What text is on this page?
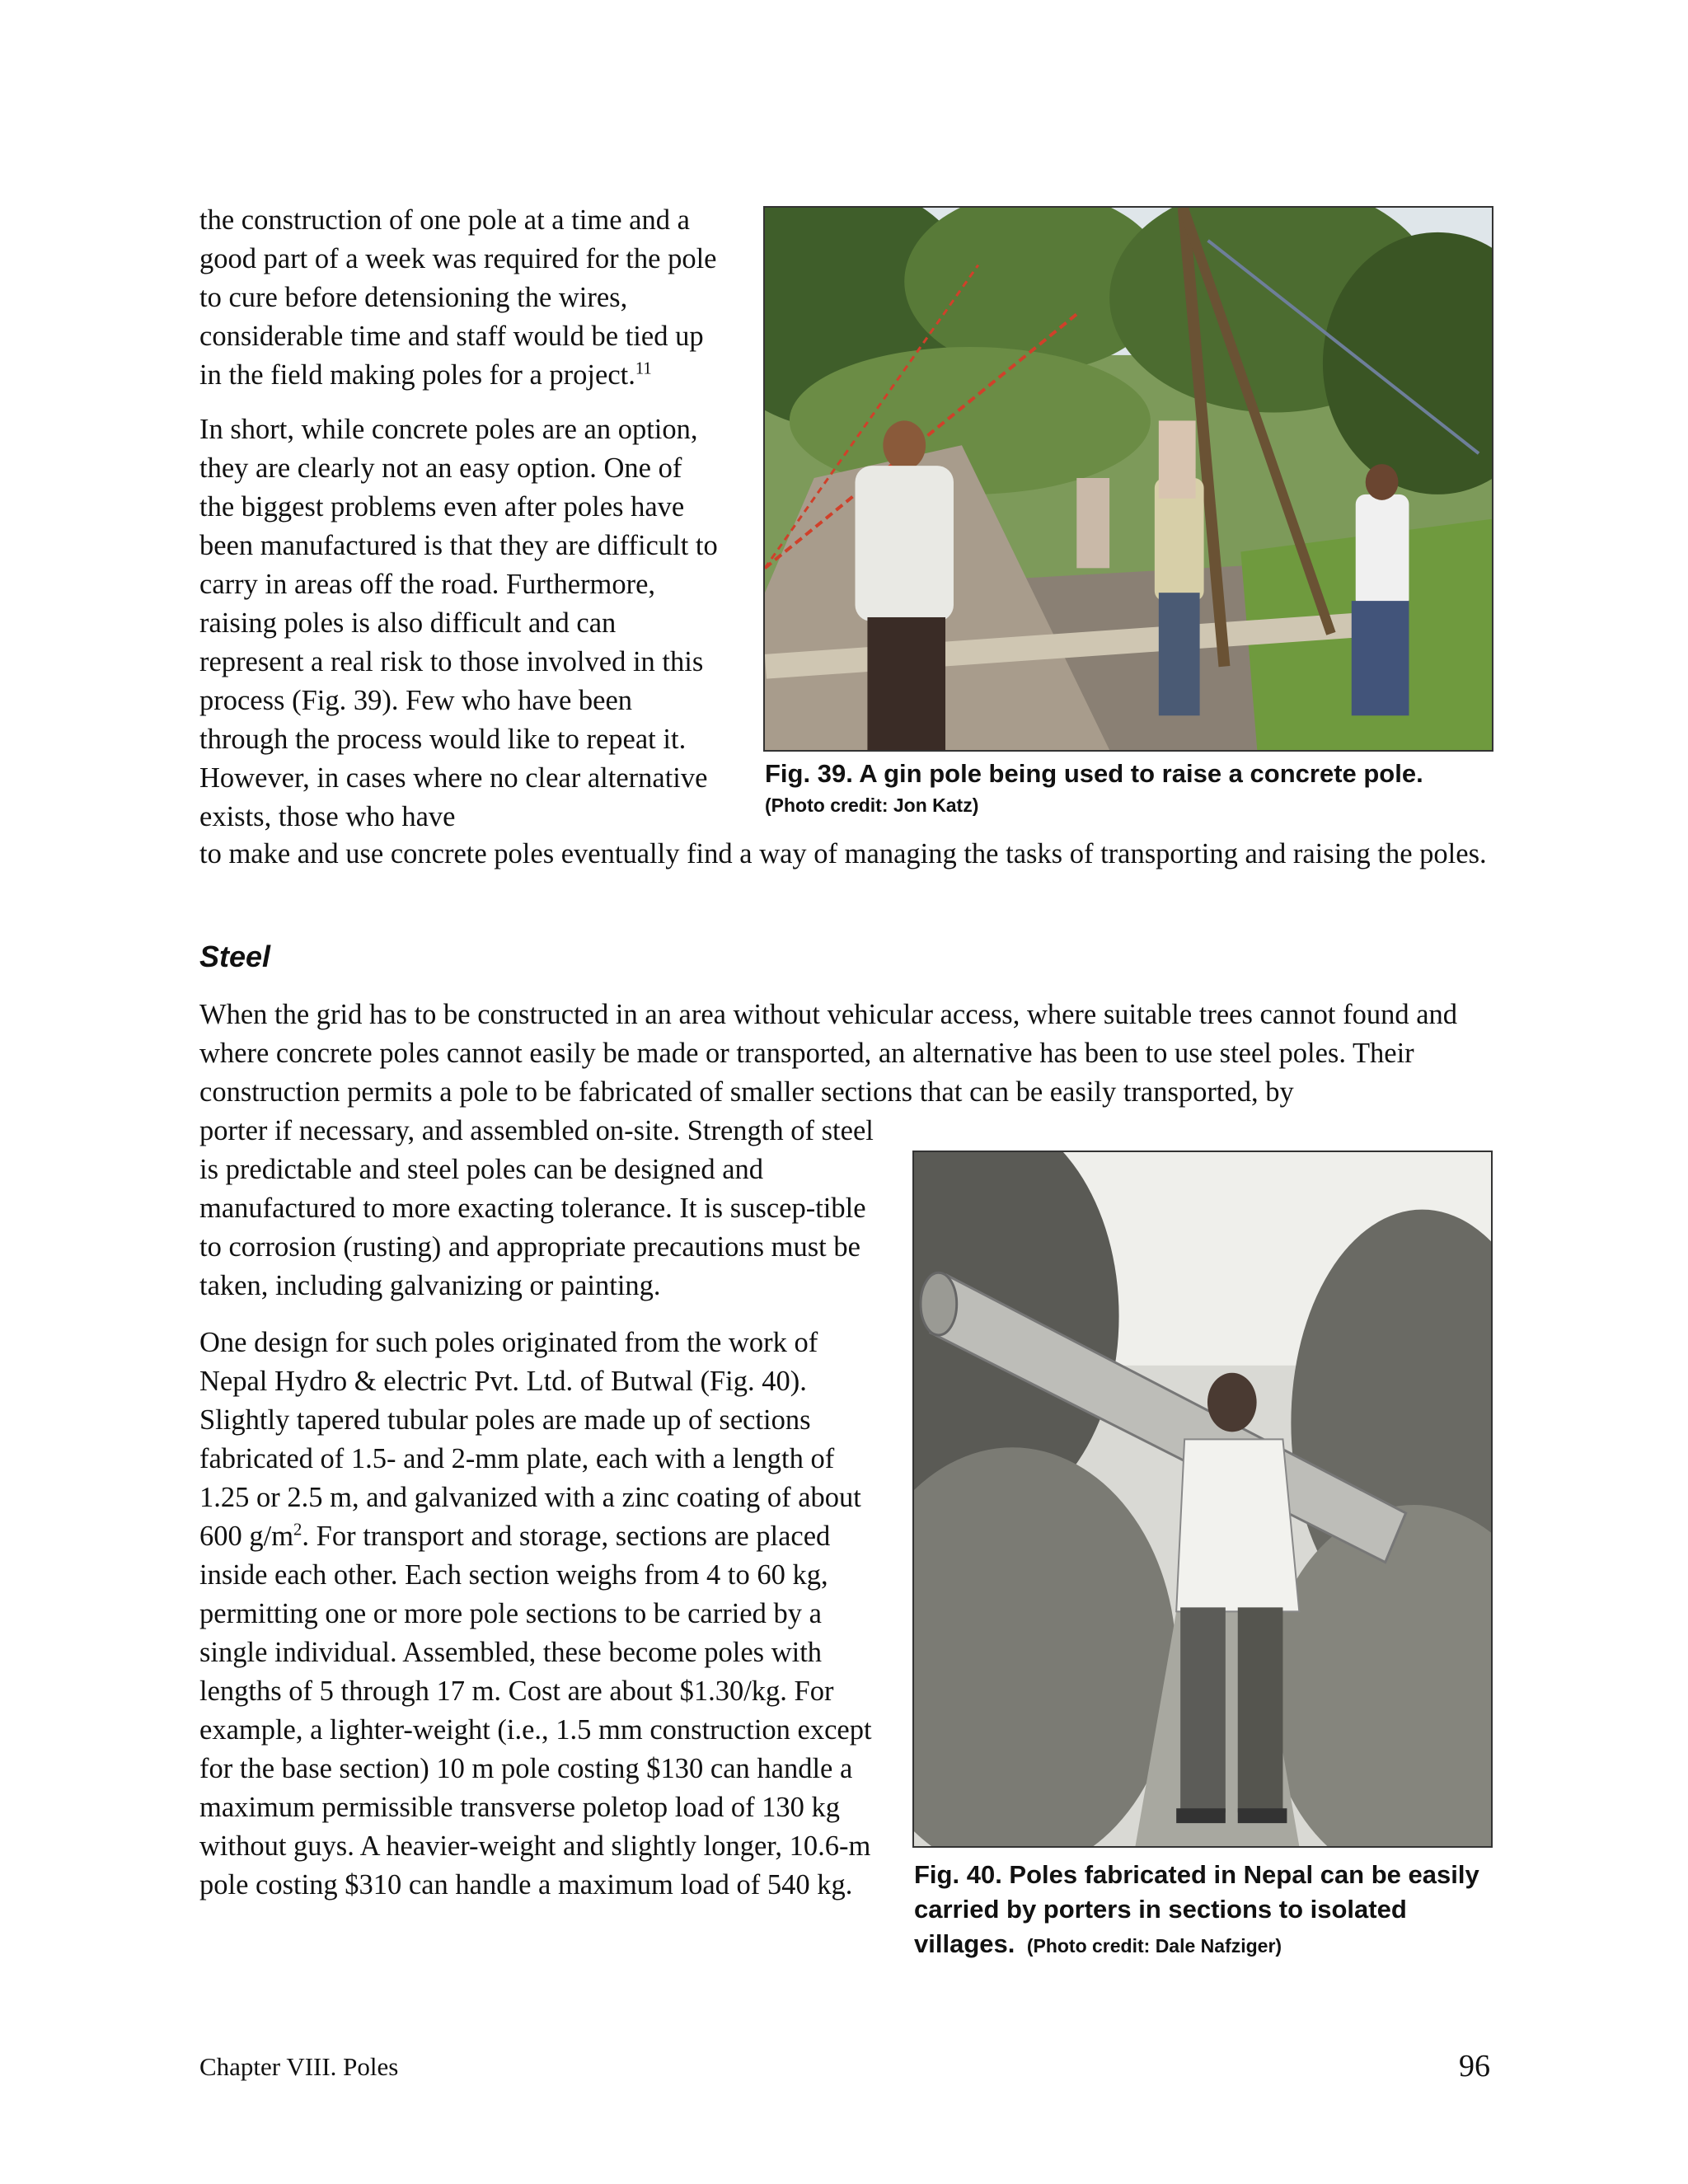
the construction of one pole at a time and a good part of a week was required for the pole to cure before detensioning the wires, considerable time and staff would be tied up in the field making poles for a project.$^{11}$

In short, while concrete poles are an option, they are clearly not an easy option. One of the biggest problems even after poles have been manufactured is that they are difficult to carry in areas off the road. Furthermore, raising poles is also difficult and can represent a real risk to those involved in this process (Fig. 39). Few who have been through the process would like to repeat it. However, in cases where no clear alternative exists, those who have

to make and use concrete poles eventually find a way of managing the tasks of transporting and raising the poles.

Fig. 39. A gin pole being used to raise a concrete pole.
(Photo credit: Jon Katz)
Steel

When the grid has to be constructed in an area without vehicular access, where suitable trees cannot found and where concrete poles cannot easily be made or transported, an alternative has been to use steel poles. Their construction permits a pole to be fabricated of smaller sections that can be easily transported, by

porter if necessary, and assembled on-site. Strength of steel is predictable and steel poles can be designed and manufactured to more exacting tolerance. It is suscep-tible to corrosion (rusting) and appropriate precautions must be taken, including galvanizing or painting.

One design for such poles originated from the work of Nepal Hydro & electric Pvt. Ltd. of Butwal (Fig. 40). Slightly tapered tubular poles are made up of sections fabricated of 1.5- and 2-mm plate, each with a length of 1.25 or 2.5 m, and galvanized with a zinc coating of about 600 $g/m^2$. For transport and storage, sections are placed inside each other. Each section weighs from 4 to 60 kg, permitting one or more pole sections to be carried by a single individual. Assembled, these become poles with lengths of 5 through 17 m. Cost are about $1.30/kg. For example, a lighter-weight (i.e., 1.5 mm construction except for the base section) 10 m pole costing $130 can handle a maximum permissible transverse poletop load of 130 kg without guys. A heavier-weight and slightly longer, 10.6-m pole costing $310 can handle a maximum load of 540 kg.	Fig. 40. Poles fabricated in Nepal can be easily carried by porters in sections to isolated villages. (Photo credit: Dale Nafziger)
Chapter VIII. Poles	96
